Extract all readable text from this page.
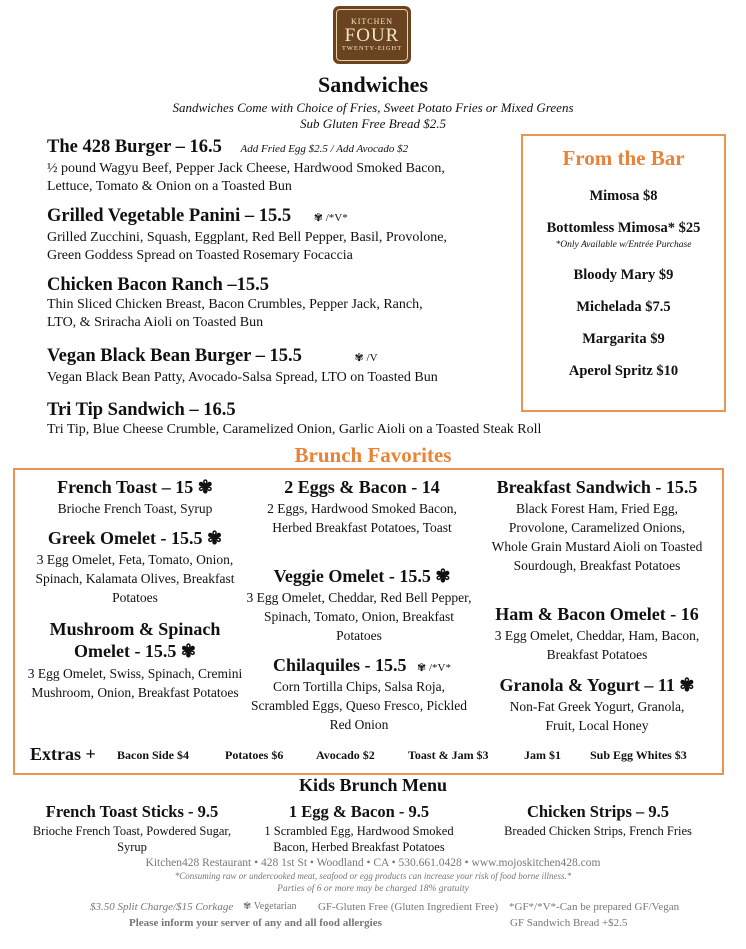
KITCHEN
FOUR
TWENTY-EIGHT
Sandwiches
Sandwiches Come with Choice of Fries, Sweet Potato Fries or Mixed Greens
Sub Gluten Free Bread $2.5
The 428 Burger – 16.5 Add Fried Egg $2.5 / Add Avocado $2
½ pound Wagyu Beef, Pepper Jack Cheese, Hardwood Smoked Bacon,
Lettuce, Tomato & Onion on a Toasted Bun
Grilled Vegetable Panini – 15.5 ✾ /*V*
Grilled Zucchini, Squash, Eggplant, Red Bell Pepper, Basil, Provolone,
Green Goddess Spread on Toasted Rosemary Focaccia
Chicken Bacon Ranch –15.5
Thin Sliced Chicken Breast, Bacon Crumbles, Pepper Jack, Ranch,
LTO, & Sriracha Aioli on Toasted Bun
Vegan Black Bean Burger – 15.5	✾ /V
Vegan Black Bean Patty, Avocado-Salsa Spread, LTO on Toasted Bun
Tri Tip Sandwich – 16.5
Tri Tip, Blue Cheese Crumble, Caramelized Onion, Garlic Aioli on a Toasted Steak Roll
From the Bar
Mimosa $8
Bottomless Mimosa* $25
*Only Available w/Entrée Purchase
Bloody Mary $9
Michelada $7.5
Margarita $9
Aperol Spritz $10
Brunch Favorites
French Toast – 15 ✾
Brioche French Toast, Syrup
Greek Omelet - 15.5 ✾
3 Egg Omelet, Feta, Tomato, Onion, Spinach, Kalamata Olives, Breakfast Potatoes
Mushroom & Spinach
Omelet - 15.5 ✾
3 Egg Omelet, Swiss, Spinach, Cremini Mushroom, Onion, Breakfast Potatoes
2 Eggs & Bacon - 14
2 Eggs, Hardwood Smoked Bacon, Herbed Breakfast Potatoes, Toast
Veggie Omelet - 15.5 ✾
3 Egg Omelet, Cheddar, Red Bell Pepper, Spinach, Tomato, Onion, Breakfast Potatoes
Chilaquiles - 15.5 ✾ /*V*
Corn Tortilla Chips, Salsa Roja, Scrambled Eggs, Queso Fresco, Pickled Red Onion
Breakfast Sandwich - 15.5
Black Forest Ham, Fried Egg, Provolone, Caramelized Onions, Whole Grain Mustard Aioli on Toasted Sourdough, Breakfast Potatoes
Ham & Bacon Omelet - 16
3 Egg Omelet, Cheddar, Ham, Bacon, Breakfast Potatoes
Granola & Yogurt – 11 ✾
Non-Fat Greek Yogurt, Granola, Fruit, Local Honey
Extras + Bacon Side $4	Potatoes $6	Avocado $2	Toast & Jam $3	Jam $1 Sub Egg Whites $3
Kids Brunch Menu
French Toast Sticks - 9.5
Brioche French Toast, Powdered Sugar, Syrup
1 Egg & Bacon - 9.5
1 Scrambled Egg, Hardwood Smoked Bacon, Herbed Breakfast Potatoes
Chicken Strips – 9.5
Breaded Chicken Strips, French Fries
Kitchen428 Restaurant • 428 1st St • Woodland • CA • 530.661.0428 • www.mojoskitchen428.com
*Consuming raw or undercooked meat, seafood or egg products can increase your risk of food borne illness.*
Parties of 6 or more may be charged 18% gratuity
$3.50 Split Charge/$15 Corkage ✾ Vegetarian GF-Gluten Free (Gluten Ingredient Free) *GF*/*V*-Can be prepared GF/Vegan
Please inform your server of any and all food allergies	GF Sandwich Bread +$2.5
